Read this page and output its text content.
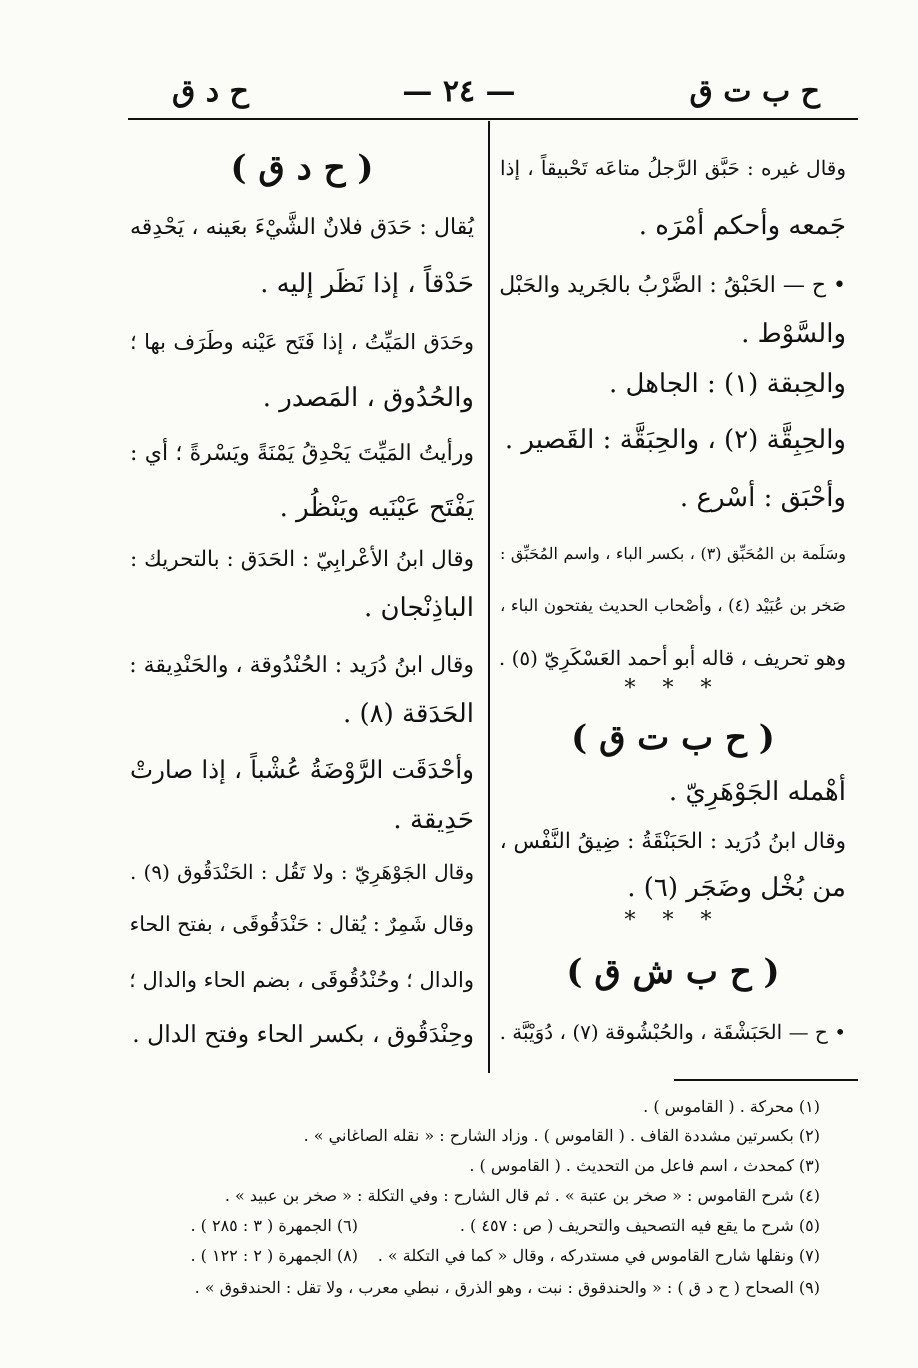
ح ب ت ق
— ٢٤ —
ح د ق
وقال غيره : حَبَّق الرَّجلُ متاعَه تَحْبيقاً ، إذا
جَمعه وأحكم أمْرَه .
• ح — الحَبْقُ : الضَّرْبُ بالجَريد والحَبْل
والسَّوْط .
والحِبقة (١) : الجاهل .
والحِبِقَّة (٢) ، والحِبَقَّة : القَصير .
وأحْبَق : أسْرع .
وسَلَمة بن المُحَبِّق (٣) ، بكسر الباء ، واسم المُحَبِّق :
صَخر بن عُبَيْد (٤) ، وأصْحاب الحديث يفتحون الباء ،
وهو تحريف ، قاله أبو أحمد العَسْكَرِيّ (٥) .
* * *
( ح ب ت ق )
أهْمله الجَوْهَرِيّ .
وقال ابنُ دُرَيد : الحَبَنْقَةُ : ضِيقُ النَّفْس ،
من بُخْل وضَجَر (٦) .
* * *
( ح ب ش ق )
• ح — الحَبَشْقَة ، والحُبْشُوقة (٧) ، دُوَيْبَّة .
( ح د ق )
يُقال : حَدَق فلانٌ الشَّيْءَ بعَينه ، يَحْدِقه
حَدْقاً ، إذا نَظَر إليه .
وحَدَق المَيِّتُ ، إذا فَتَح عَيْنه وطَرَف بها ؛
والحُدُوق ، المَصدر .
ورأيتُ المَيِّتَ يَحْدِقُ يَمْنَةً ويَسْرةً ؛ أي :
يَفْتَح عَيْنَيه ويَنْظُر .
وقال ابنُ الأعْرابِيّ : الحَدَق : بالتحريك :
الباذِنْجان .
وقال ابنُ دُرَيد : الحُنْدُوقة ، والحَنْدِيقة :
الحَدَقة (٨) .
وأحْدَقَت الرَّوْضَةُ عُشْباً ، إذا صارتْ
حَدِيقة .
وقال الجَوْهَرِيّ : ولا تَقُل : الحَنْدَقُوق (٩) .
وقال شَمِرٌ : يُقال : حَنْدَقُوقَى ، بفتح الحاء
والدال ؛ وحُنْدُقُوقَى ، بضم الحاء والدال ؛
وحِنْدَقُوق ، بكسر الحاء وفتح الدال .
(١) محركة . ( القاموس ) .
(٢) بكسرتين مشددة القاف . ( القاموس ) . وزاد الشارح : « نقله الصاغاني » .
(٣) كمحدث ، اسم فاعل من التحديث . ( القاموس ) .
(٤) شرح القاموس : « صخر بن عتبة » . ثم قال الشارح : وفي التكلة : « صخر بن عبيد » .
(٥) شرح ما يقع فيه التصحيف والتحريف ( ص : ٤٥٧ ) .
(٦) الجمهرة ( ٣ : ٢٨٥ ) .
(٧) ونقلها شارح القاموس في مستدركه ، وقال « كما في التكلة » .
(٨) الجمهرة ( ٢ : ١٢٢ ) .
(٩) الصحاح ( ح د ق ) : « والحندقوق : نبت ، وهو الذرق ، نبطي معرب ، ولا تقل : الحندقوق » .
